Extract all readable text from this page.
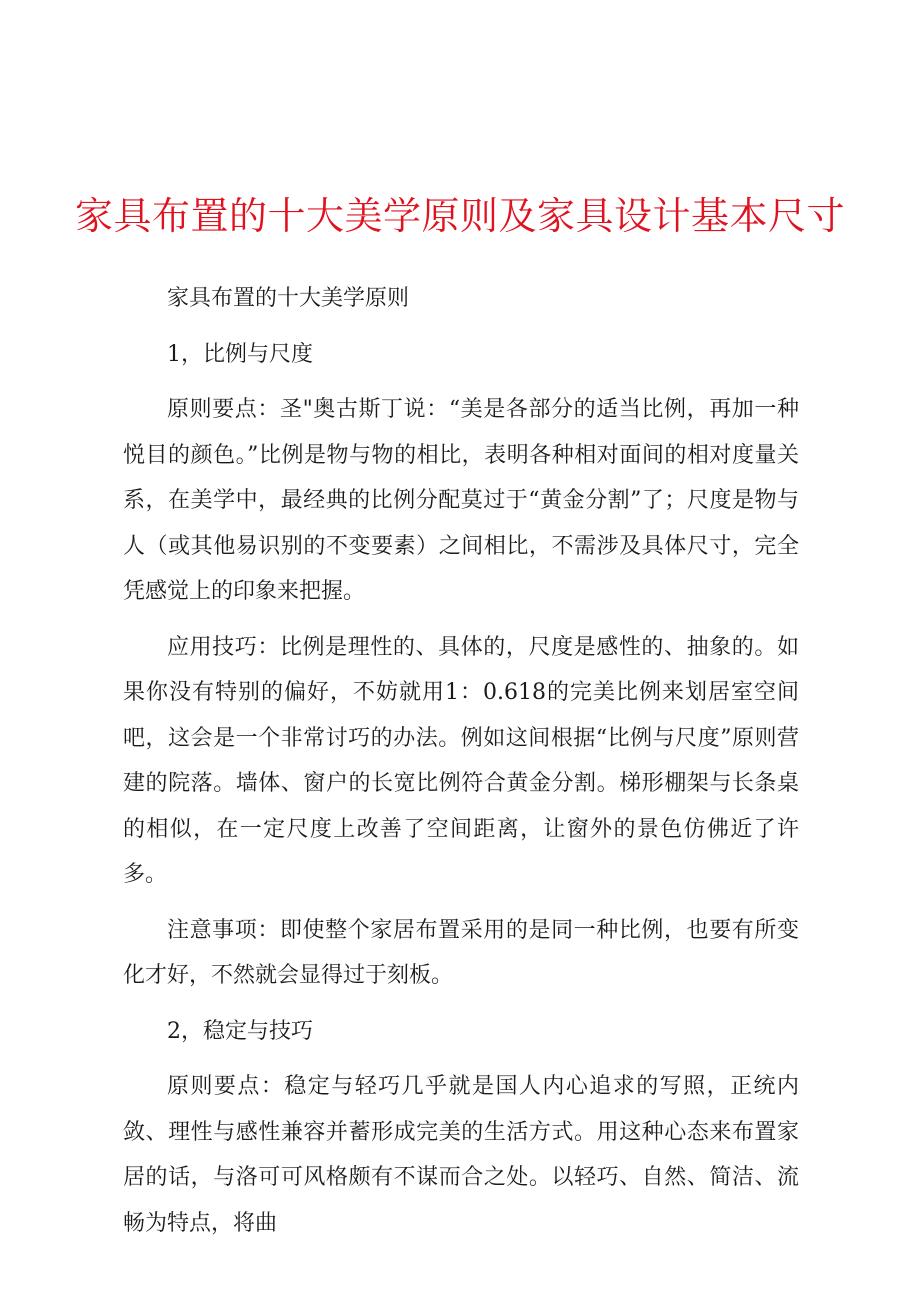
家具布置的十大美学原则及家具设计基本尺寸

家具布置的十大美学原则

1，比例与尺度

原则要点：圣"奥古斯丁说：“美是各部分的适当比例，再加一种悦目的颜色。”比例是物与物的相比，表明各种相对面间的相对度量关系，在美学中，最经典的比例分配莫过于“黄金分割”了；尺度是物与人（或其他易识别的不变要素）之间相比，不需涉及具体尺寸，完全凭感觉上的印象来把握。

应用技巧：比例是理性的、具体的，尺度是感性的、抽象的。如果你没有特别的偏好，不妨就用1：0.618的完美比例来划居室空间吧，这会是一个非常讨巧的办法。例如这间根据“比例与尺度”原则营建的院落。墙体、窗户的长宽比例符合黄金分割。梯形棚架与长条桌的相似，在一定尺度上改善了空间距离，让窗外的景色仿佛近了许多。

注意事项：即使整个家居布置采用的是同一种比例，也要有所变化才好，不然就会显得过于刻板。

2，稳定与技巧

原则要点：稳定与轻巧几乎就是国人内心追求的写照，正统内敛、理性与感性兼容并蓄形成完美的生活方式。用这种心态来布置家居的话，与洛可可风格颇有不谋而合之处。以轻巧、自然、简洁、流畅为特点，将曲
